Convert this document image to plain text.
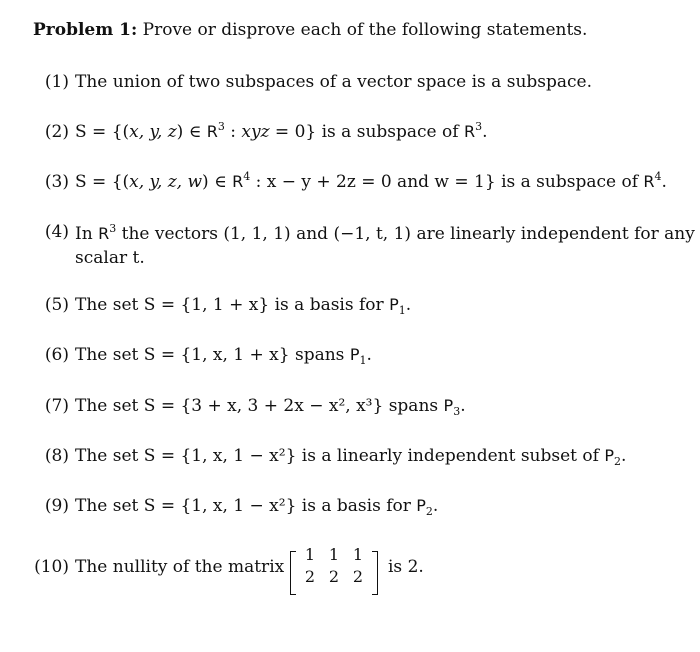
Problem 1: Prove or disprove each of the following statements.
(1) The union of two subspaces of a vector space is a subspace.
(2) S = {(x, y, z) ∈ $R^3$ : xyz = 0} is a subspace of $R^3$.
(3) S = {(x, y, z, w) ∈ $R^4$ : x − y + 2z = 0 and w = 1} is a subspace of $R^4$.
(4) In $R^3$ the vectors (1, 1, 1) and (−1, t, 1) are linearly independent for any
scalar t.
(5) The set S = {1, 1 + x} is a basis for $P_1$.
(6) The set S = {1, x, 1 + x} spans $P_1$.
(7) The set S = {3 + x, 3 + 2x − x², x³} spans $P_3$.
(8) The set S = {1, x, 1 − x²} is a linearly independent subset of $P_2$.
(9) The set S = {1, x, 1 − x²} is a basis for $P_2$.
(10) The nullity of the matrix
1 1 1
2 2 2 is 2.
